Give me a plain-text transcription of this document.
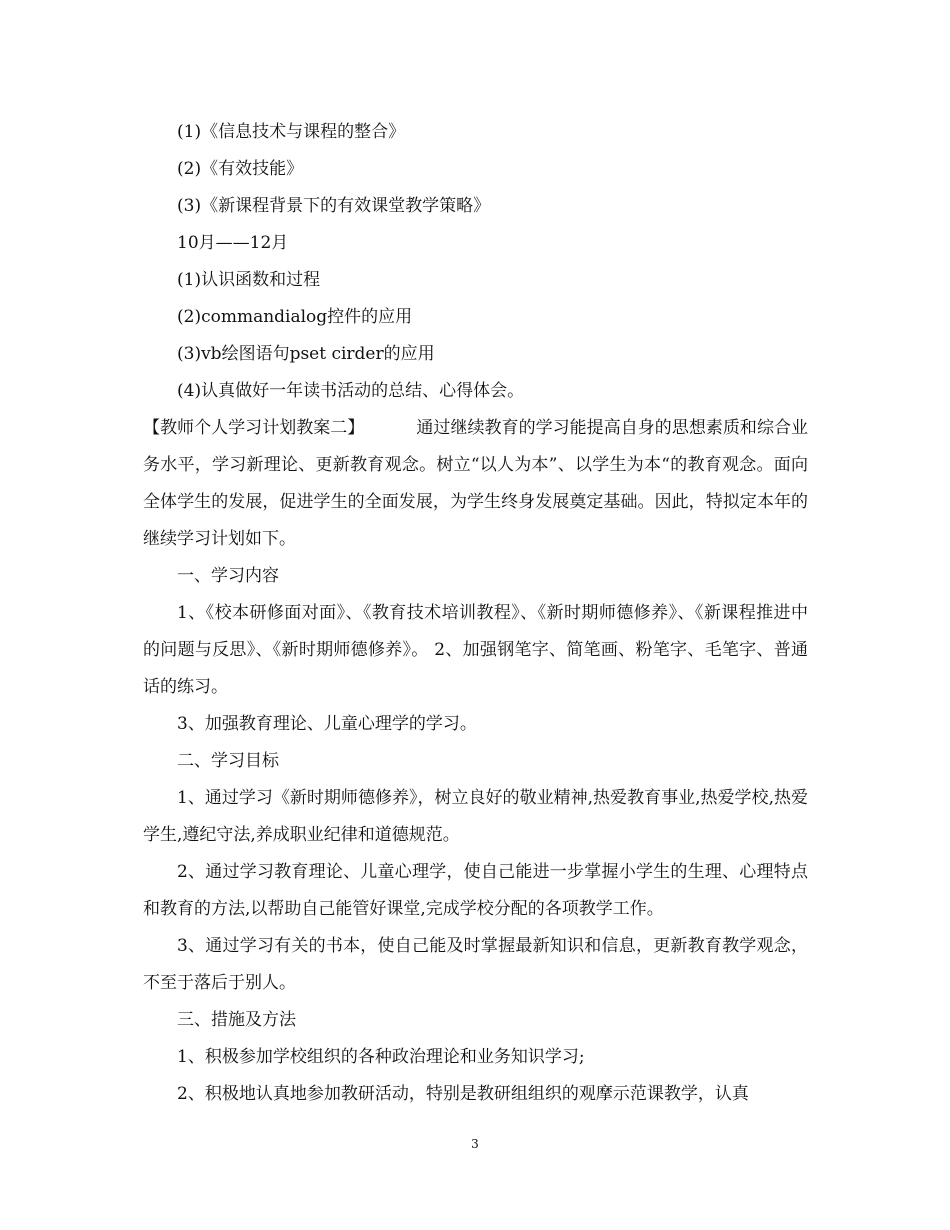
(1)《信息技术与课程的整合》

(2)《有效技能》

(3)《新课程背景下的有效课堂教学策略》

10月——12月

(1)认识函数和过程

(2)commandialog控件的应用

(3)vb绘图语句pset cirder的应用

(4)认真做好一年读书活动的总结、心得体会。

【教师个人学习计划教案二】	通过继续教育的学习能提高自身的思想素质和综合业务水平，学习新理论、更新教育观念。树立“以人为本”、以学生为本“的教育观念。面向全体学生的发展，促进学生的全面发展，为学生终身发展奠定基础。因此，特拟定本年的继续学习计划如下。

一、学习内容

1、《校本研修面对面》、《教育技术培训教程》、《新时期师德修养》、《新课程推进中的问题与反思》、《新时期师德修养》。 2、加强钢笔字、简笔画、粉笔字、毛笔字、普通话的练习。

3、加强教育理论、儿童心理学的学习。

二、学习目标

1、通过学习《新时期师德修养》，树立良好的敬业精神,热爱教育事业,热爱学校,热爱学生,遵纪守法,养成职业纪律和道德规范。

2、通过学习教育理论、儿童心理学，使自己能进一步掌握小学生的生理、心理特点和教育的方法,以帮助自己能管好课堂,完成学校分配的各项教学工作。

3、通过学习有关的书本，使自己能及时掌握最新知识和信息，更新教育教学观念，不至于落后于别人。

三、措施及方法

1、积极参加学校组织的各种政治理论和业务知识学习;

2、积极地认真地参加教研活动，特别是教研组组织的观摩示范课教学，认真

3
